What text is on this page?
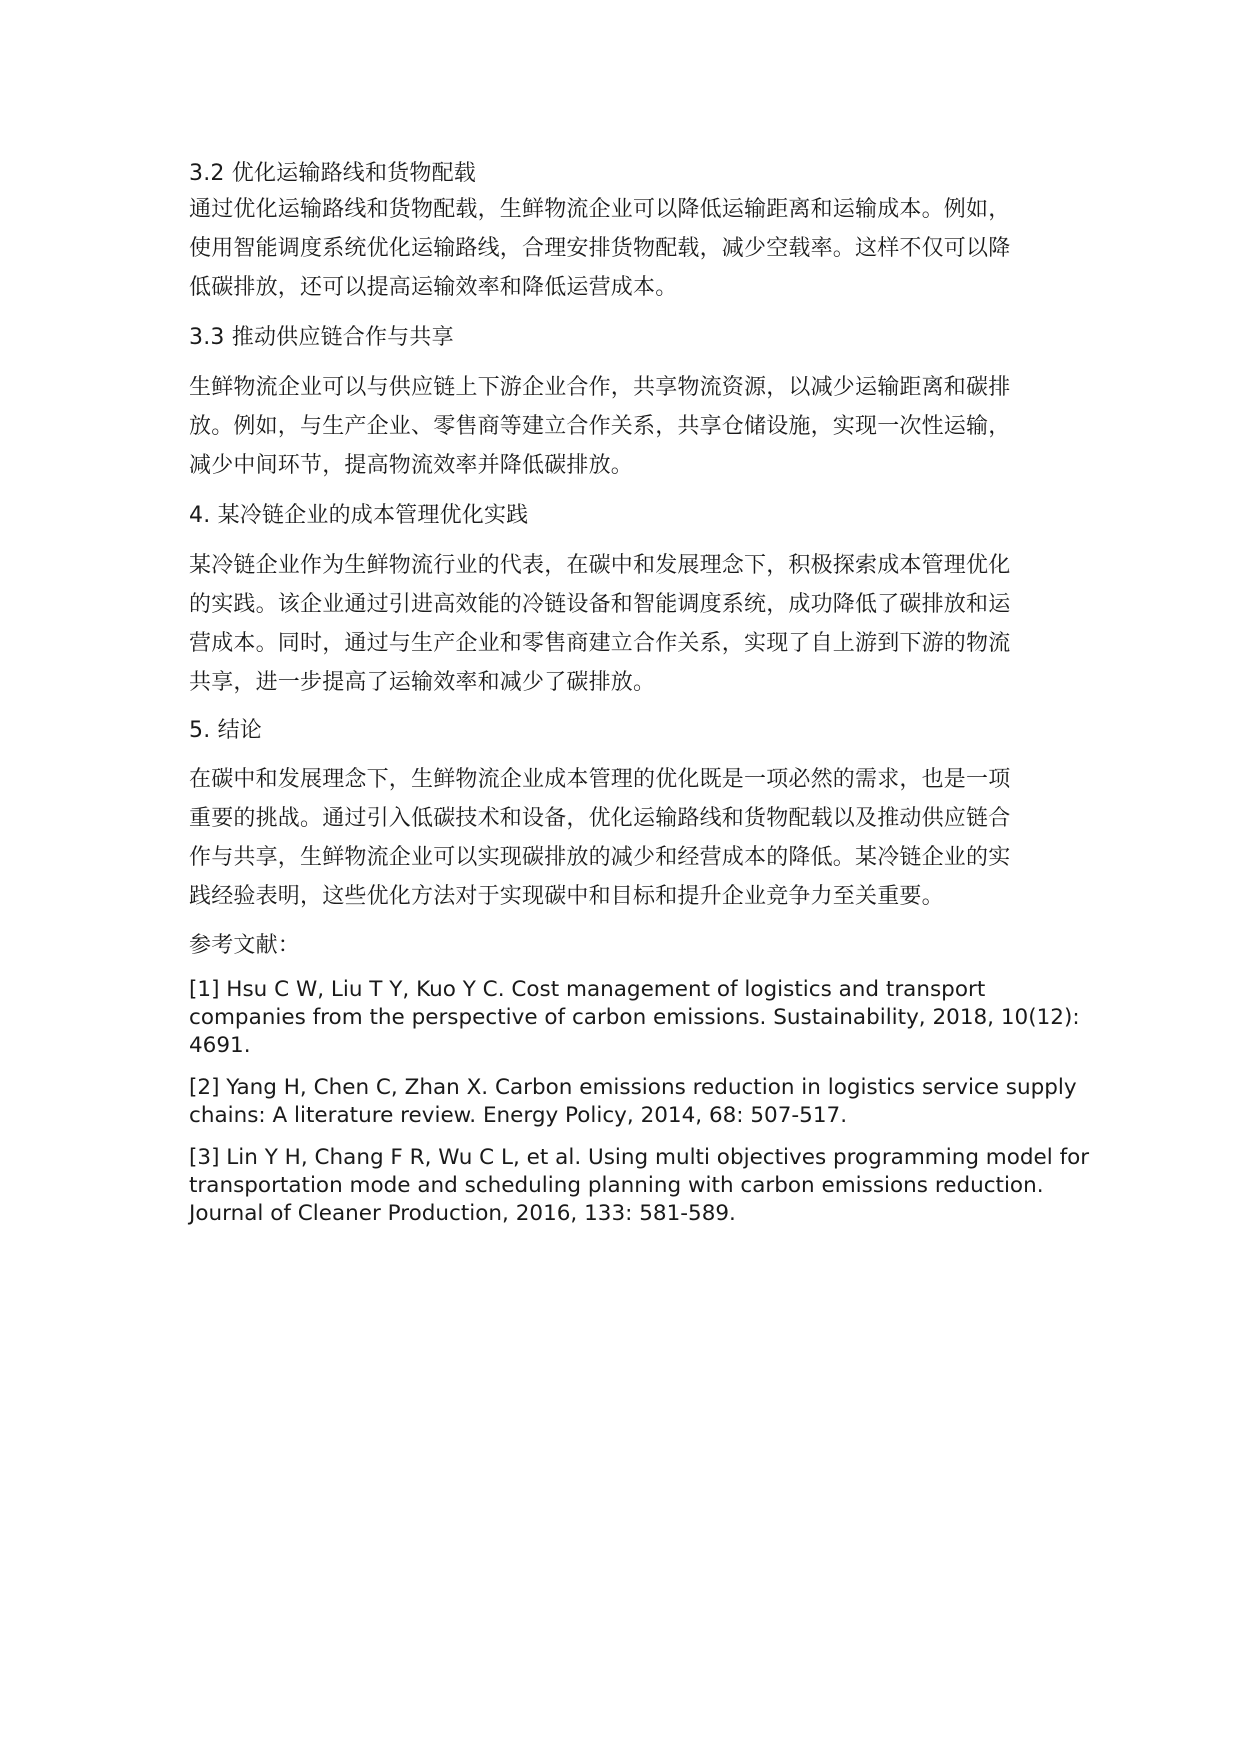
3.2 优化运输路线和货物配载
通过优化运输路线和货物配载，生鲜物流企业可以降低运输距离和运输成本。例如，
使用智能调度系统优化运输路线，合理安排货物配载，减少空载率。这样不仅可以降
低碳排放，还可以提高运输效率和降低运营成本。
3.3 推动供应链合作与共享
生鲜物流企业可以与供应链上下游企业合作，共享物流资源，以减少运输距离和碳排
放。例如，与生产企业、零售商等建立合作关系，共享仓储设施，实现一次性运输，
减少中间环节，提高物流效率并降低碳排放。
4. 某冷链企业的成本管理优化实践
某冷链企业作为生鲜物流行业的代表，在碳中和发展理念下，积极探索成本管理优化
的实践。该企业通过引进高效能的冷链设备和智能调度系统，成功降低了碳排放和运
营成本。同时，通过与生产企业和零售商建立合作关系，实现了自上游到下游的物流
共享，进一步提高了运输效率和减少了碳排放。
5. 结论
在碳中和发展理念下，生鲜物流企业成本管理的优化既是一项必然的需求，也是一项
重要的挑战。通过引入低碳技术和设备，优化运输路线和货物配载以及推动供应链合
作与共享，生鲜物流企业可以实现碳排放的减少和经营成本的降低。某冷链企业的实
践经验表明，这些优化方法对于实现碳中和目标和提升企业竞争力至关重要。
参考文献：
[1] Hsu C W, Liu T Y, Kuo Y C. Cost management of logistics and transport
companies from the perspective of carbon emissions. Sustainability, 2018, 10(12):
4691.
[2] Yang H, Chen C, Zhan X. Carbon emissions reduction in logistics service supply
chains: A literature review. Energy Policy, 2014, 68: 507-517.
[3] Lin Y H, Chang F R, Wu C L, et al. Using multi objectives programming model for
transportation mode and scheduling planning with carbon emissions reduction.
Journal of Cleaner Production, 2016, 133: 581-589.
